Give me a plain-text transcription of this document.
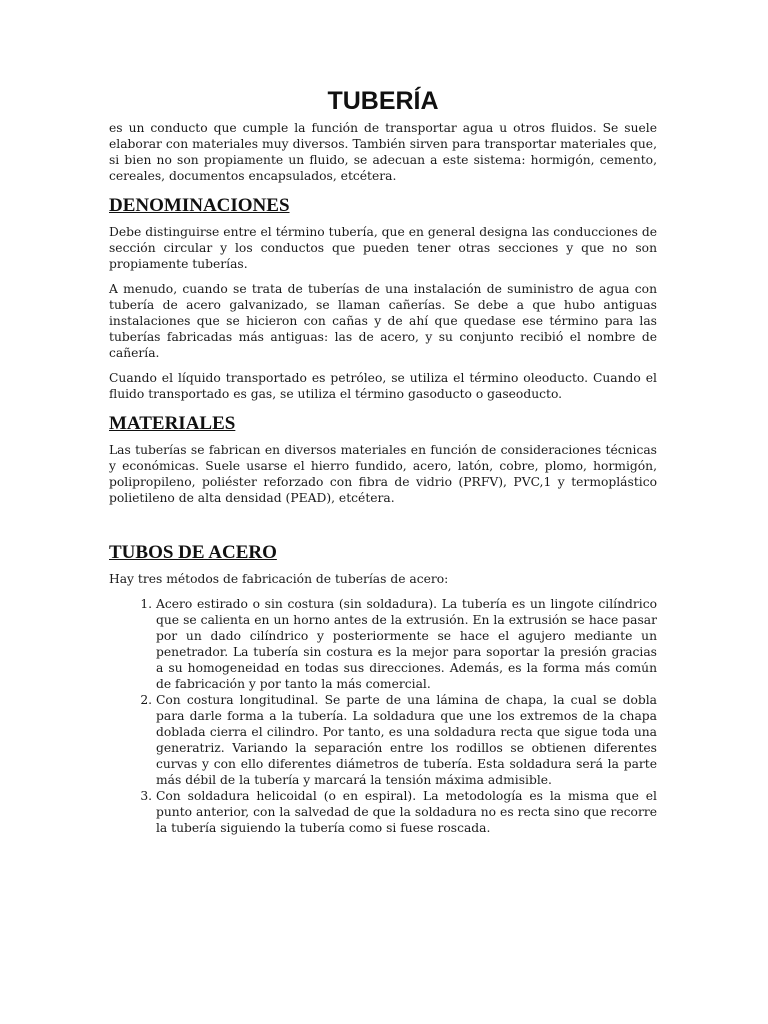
TUBERÍA

es un conducto que cumple la función de transportar agua u otros fluidos. Se suele elaborar con materiales muy diversos. También sirven para transportar materiales que, si bien no son propiamente un fluido, se adecuan a este sistema: hormigón, cemento, cereales, documentos encapsulados, etcétera.

DENOMINACIONES

Debe distinguirse entre el término tubería, que en general designa las conducciones de sección circular y los conductos que pueden tener otras secciones y que no son propiamente tuberías.

A menudo, cuando se trata de tuberías de una instalación de suministro de agua con tubería de acero galvanizado, se llaman cañerías. Se debe a que hubo antiguas instalaciones que se hicieron con cañas y de ahí que quedase ese término para las tuberías fabricadas más antiguas: las de acero, y su conjunto recibió el nombre de cañería.

Cuando el líquido transportado es petróleo, se utiliza el término oleoducto. Cuando el fluido transportado es gas, se utiliza el término gasoducto o gaseoducto.

MATERIALES

Las tuberías se fabrican en diversos materiales en función de consideraciones técnicas y económicas. Suele usarse el hierro fundido, acero, latón, cobre, plomo, hormigón, polipropileno, poliéster reforzado con fibra de vidrio (PRFV), PVC,1 y termoplástico polietileno de alta densidad (PEAD), etcétera.

TUBOS DE ACERO

Hay tres métodos de fabricación de tuberías de acero:

1. Acero estirado o sin costura (sin soldadura). La tubería es un lingote cilíndrico que se calienta en un horno antes de la extrusión. En la extrusión se hace pasar por un dado cilíndrico y posteriormente se hace el agujero mediante un penetrador. La tubería sin costura es la mejor para soportar la presión gracias a su homogeneidad en todas sus direcciones. Además, es la forma más común de fabricación y por tanto la más comercial.
2. Con costura longitudinal. Se parte de una lámina de chapa, la cual se dobla para darle forma a la tubería. La soldadura que une los extremos de la chapa doblada cierra el cilindro. Por tanto, es una soldadura recta que sigue toda una generatriz. Variando la separación entre los rodillos se obtienen diferentes curvas y con ello diferentes diámetros de tubería. Esta soldadura será la parte más débil de la tubería y marcará la tensión máxima admisible.
3. Con soldadura helicoidal (o en espiral). La metodología es la misma que el punto anterior, con la salvedad de que la soldadura no es recta sino que recorre la tubería siguiendo la tubería como si fuese roscada.
